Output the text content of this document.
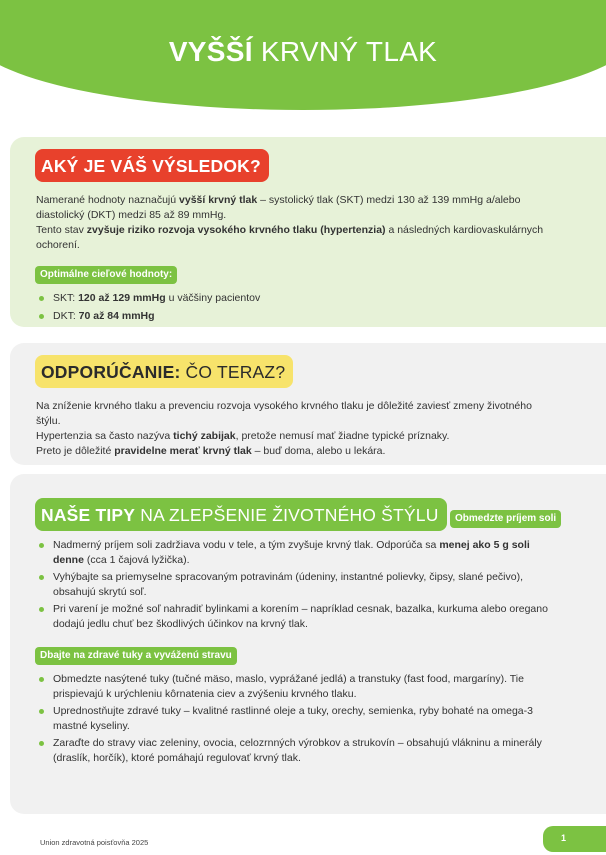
VYŠŠÍ KRVNÝ TLAK
AKÝ JE VÁŠ VÝSLEDOK?

Namerané hodnoty naznačujú vyšší krvný tlak – systolický tlak (SKT) medzi 130 až 139 mmHg a/alebo diastolický (DKT) medzi 85 až 89 mmHg.
Tento stav zvyšuje riziko rozvoja vysokého krvného tlaku (hypertenzia) a následných kardiovaskulárnych ochorení.

Optimálne cieľové hodnoty:
SKT: 120 až 129 mmHg u väčšiny pacientov
DKT: 70 až 84 mmHg
ODPORÚČANIE: ČO TERAZ?

Na zníženie krvného tlaku a prevenciu rozvoja vysokého krvného tlaku je dôležité zaviesť zmeny životného štýlu.
Hypertenzia sa často nazýva tichý zabijak, pretože nemusí mať žiadne typické príznaky.
Preto je dôležité pravidelne merať krvný tlak – buď doma, alebo u lekára.

NAŠE TIPY NA ZLEPŠENIE ŽIVOTNÉHO ŠTÝLU Obmedzte príjem soli
Nadmerný príjem soli zadržiava vodu v tele, a tým zvyšuje krvný tlak. Odporúča sa menej ako 5 g soli denne (cca 1 čajová lyžička).
Vyhýbajte sa priemyselne spracovaným potravinám (údeniny, instantné polievky, čipsy, slané pečivo), obsahujú skrytú soľ.
Pri varení je možné soľ nahradiť bylinkami a korením – napríklad cesnak, bazalka, kurkuma alebo oregano dodajú jedlu chuť bez škodlivých účinkov na krvný tlak.
Dbajte na zdravé tuky a vyváženú stravu
Obmedzte nasýtené tuky (tučné mäso, maslo, vyprážané jedlá) a transtuky (fast food, margaríny). Tie prispievajú k urýchleniu kôrnatenia ciev a zvýšeniu krvného tlaku.
Uprednostňujte zdravé tuky – kvalitné rastlinné oleje a tuky, orechy, semienka, ryby bohaté na omega-3 mastné kyseliny.
Zaraďte do stravy viac zeleniny, ovocia, celozrnných výrobkov a strukovín – obsahujú vlákninu a minerály (draslík, horčík), ktoré pomáhajú regulovať krvný tlak.
Union zdravotná poisťovňa 2025	1
